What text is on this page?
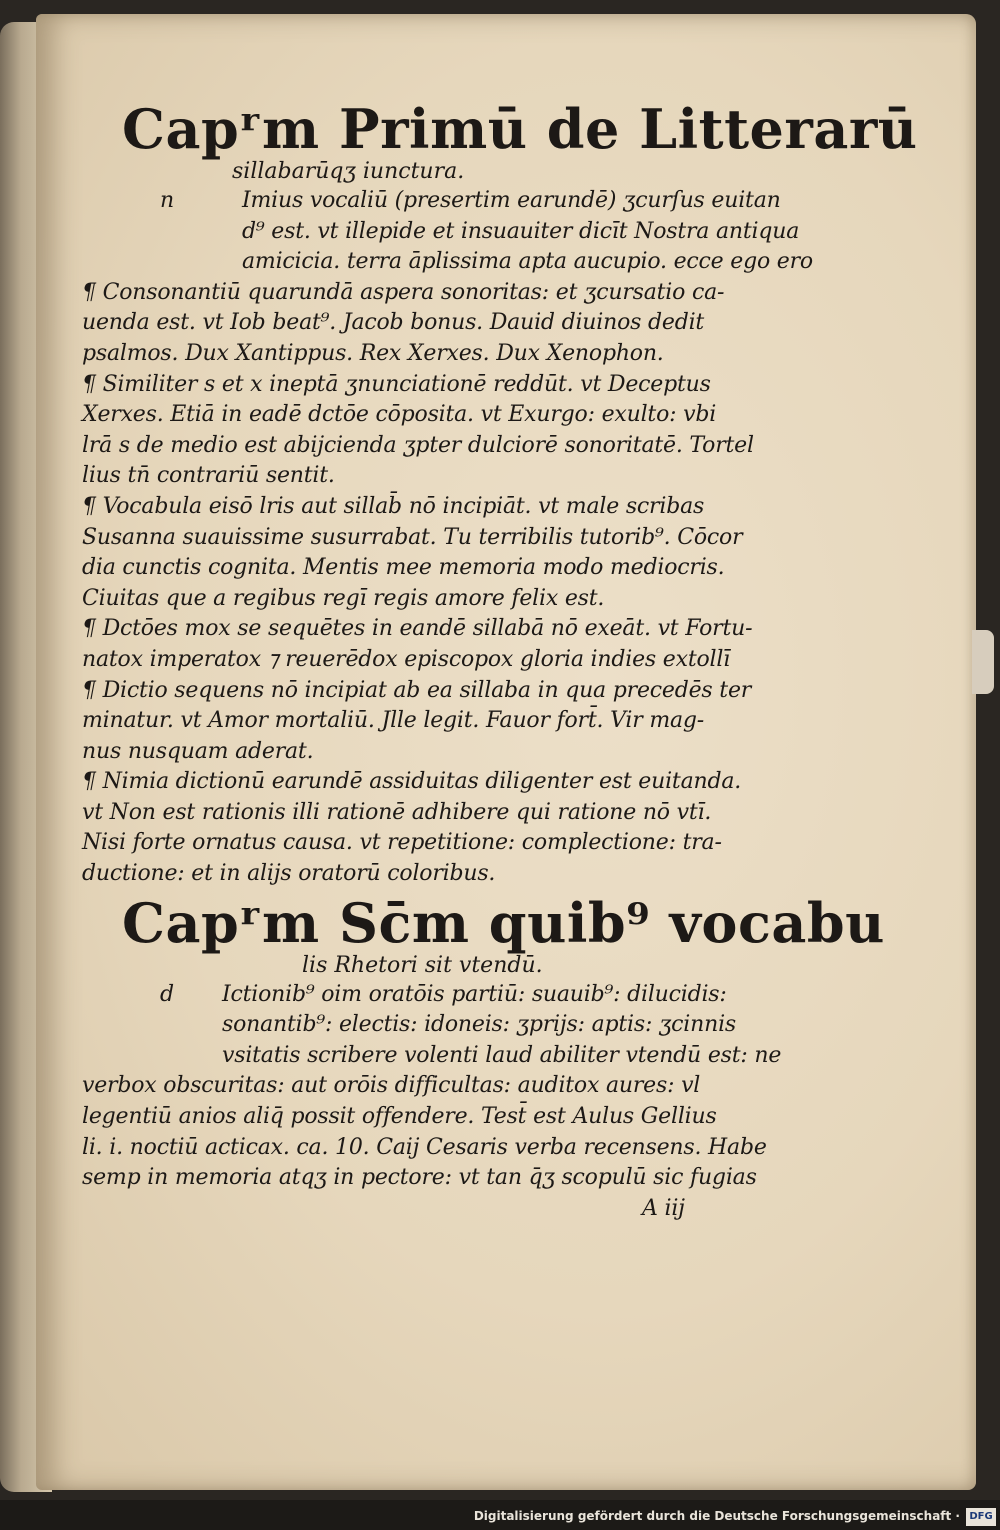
Capʳm Primū de Litterarū
sillabarūqʒ iunctura.
n	Imius vocaliū (presertim earundē) ʒcurſus euitan
d⁹ est. vt illepide et insuauiter dicīt Nostra antiqua
amicicia. terra āplissima apta aucupio. ecce ego ero
¶ Consonantiū quarundā aspera sonoritas: et ʒcursatio ca-
uenda est. vt Iob beat⁹. Jacob bonus. Dauid diuinos dedit
psalmos. Dux Xantippus. Rex Xerxes. Dux Xenophon.
¶ Similiter s et x ineptā ʒnunciationē reddūt. vt Deceptus
Xerxes. Etiā in eadē dctōe cōposita. vt Exurgo: exulto: vbi
lrā s de medio est abijcienda ʒpter dulciorē sonoritatē. Tortel
lius tn̄ contrariū sentit.
¶ Vocabula eisō lris aut sillab̄ nō incipiāt. vt male scribas
Susanna suauissime susurrabat. Tu terribilis tutorib⁹. Cōcor
dia cunctis cognita. Mentis mee memoria modo mediocris.
Ciuitas que a regibus regī regis amore felix est.
¶ Dctōes mox se sequētes in eandē sillabā nō exeāt. vt Fortu-
natox imperatox ⁊ reuerēdox episcopox gloria indies extollī
¶ Dictio sequens nō incipiat ab ea sillaba in qua precedēs ter
minatur. vt Amor mortaliū. Jlle legit. Fauor fort̄. Vir mag-
nus nusquam aderat.
¶ Nimia dictionū earundē assiduitas diligenter est euitanda.
vt Non est rationis illi rationē adhibere qui ratione nō vtī.
Nisi forte ornatus causa. vt repetitione: complectione: tra-
ductione: et in alijs oratorū coloribus.
Capʳm Sc̄m quib⁹ vocabu
lis Rhetori sit vtendū.
d Ictionib⁹ oim oratōis partiū: suauib⁹: dilucidis:
sonantib⁹: electis: idoneis: ʒprijs: aptis: ʒcinnis
vsitatis scribere volenti laud abiliter vtendū est: ne
verbox obscuritas: aut orōis difficultas: auditox aures: vl
legentiū anios aliq̄ possit offendere. Test̄ est Aulus Gellius
li. i. noctiū acticax. ca. 10. Caij Cesaris verba recensens. Habe
semp in memoria atqʒ in pectore: vt tan q̄ʒ scopulū sic fugias
A iij
Digitalisierung gefördert durch die Deutsche Forschungsgemeinschaft · DFG
